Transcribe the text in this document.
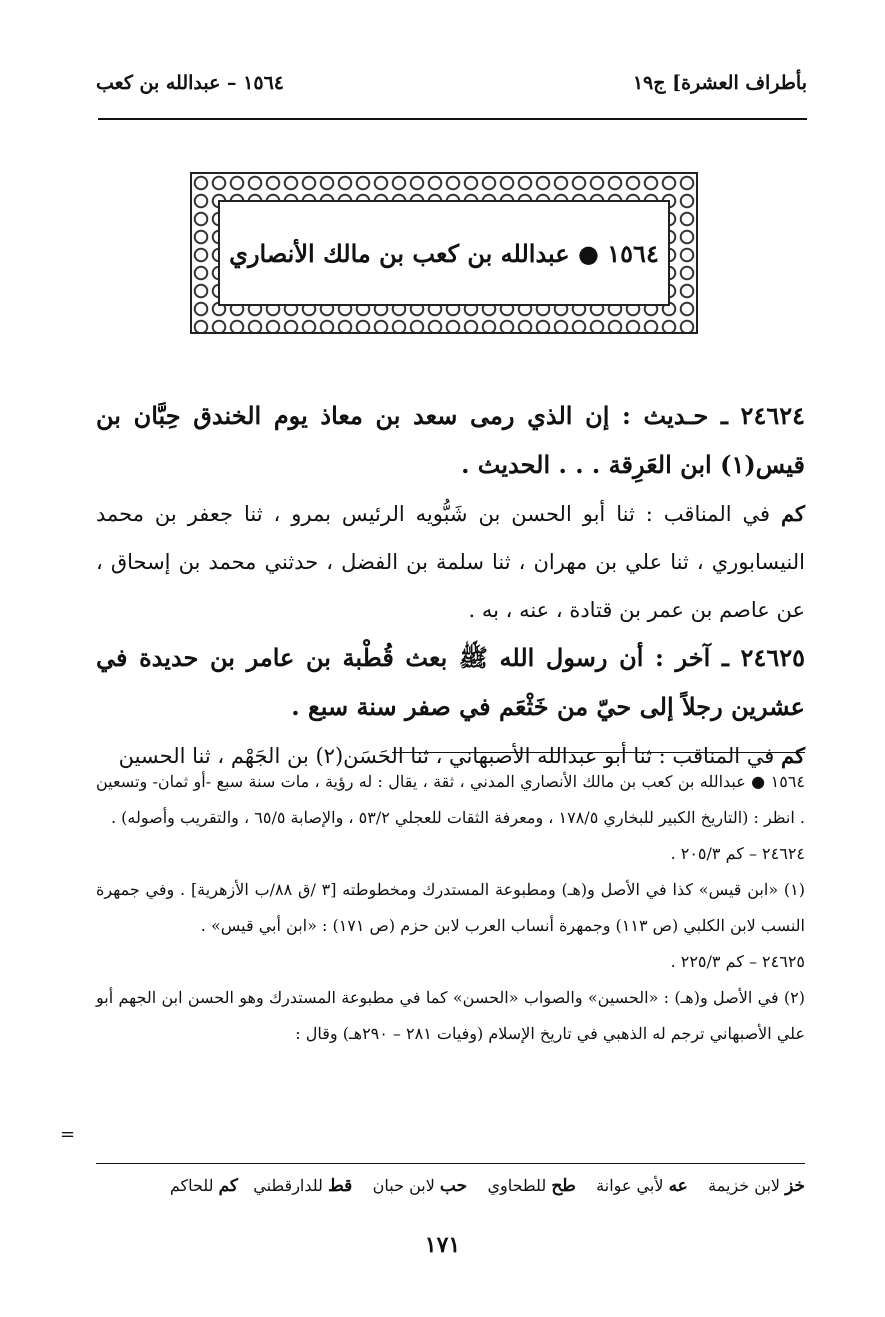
بأطراف العشرة] ج١٩
١٥٦٤ – عبدالله بن كعب
١٥٦٤ ● عبدالله بن كعب بن مالك الأنصاري

٢٤٦٢٤ ـ حـديث : إن الذي رمى سعد بن معاذ يوم الخندق حِبَّان بن قيس(١) ابن العَرِقة . . . الحديث .

كم في المناقب : ثنا أبو الحسن بن شَبُّويه الرئيس بمرو ، ثنا جعفر بن محمد النيسابوري ، ثنا علي بن مهران ، ثنا سلمة بن الفضل ، حدثني محمد بن إسحاق ، عن عاصم بن عمر بن قتادة ، عنه ، به .

٢٤٦٢٥ ـ آخر : أن رسول الله ﷺ بعث قُطْبة بن عامر بن حديدة في عشرين رجلاً إلى حيّ من خَثْعَم في صفر سنة سبع .

كم في المناقب : ثنا أبو عبدالله الأصبهاني ، ثنا الحَسَن(٢) بن الجَهْم ، ثنا الحسين

١٥٦٤ ● عبدالله بن كعب بن مالك الأنصاري المدني ، ثقة ، يقال : له رؤية ، مات سنة سبع -أو ثمان- وتسعين . انظر : (التاريخ الكبير للبخاري ١٧٨/٥ ، ومعرفة الثقات للعجلي ٥٣/٢ ، والإصابة ٦٥/٥ ، والتقريب وأصوله) .

٢٤٦٢٤ – كم ٢٠٥/٣ .

(١) «ابن قيس» كذا في الأصل و(هـ) ومطبوعة المستدرك ومخطوطته [٣ /ق ٨٨/ب الأزهرية] . وفي جمهرة النسب لابن الكلبي (ص ١١٣) وجمهرة أنساب العرب لابن حزم (ص ١٧١) : «ابن أبي قيس» .

٢٤٦٢٥ – كم ٢٢٥/٣ .

(٢) في الأصل و(هـ) : «الحسين» والصواب «الحسن» كما في مطبوعة المستدرك وهو الحسن ابن الجهم أبو علي الأصبهاني ترجم له الذهبي في تاريخ الإسلام (وفيات ٢٨١ – ٢٩٠هـ) وقال :

=
خز لابن خزيمة    عه لأبي عوانة    طح للطحاوي    حب لابن حبان    قط للدارقطني   كم للحاكم
١٧١
